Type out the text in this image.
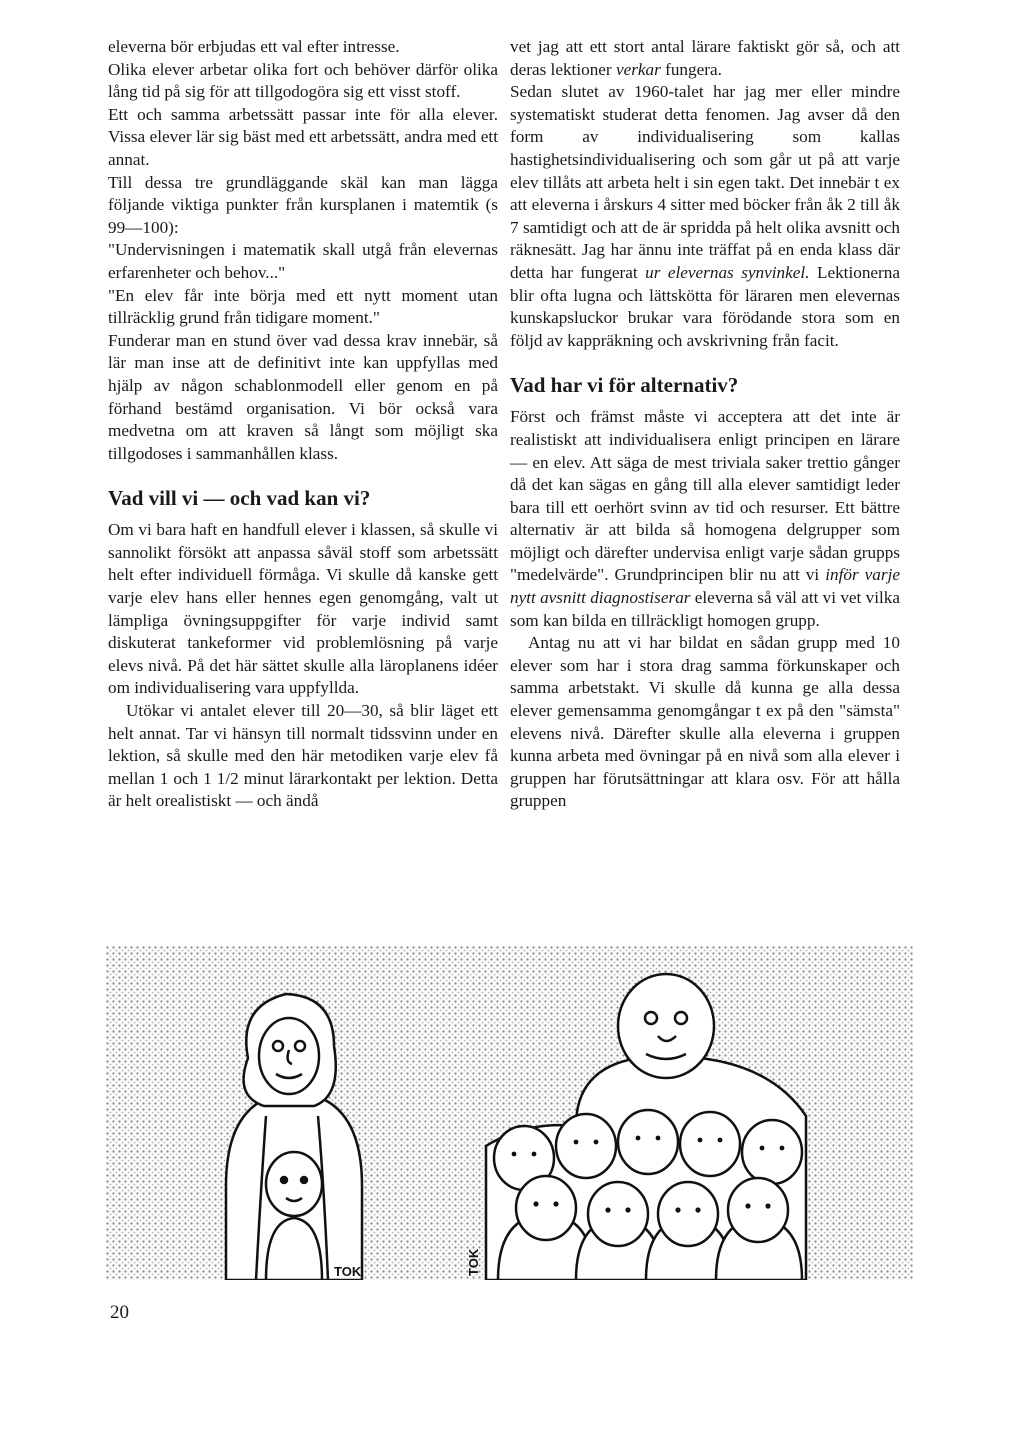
eleverna bör erbjudas ett val efter intresse.

Olika elever arbetar olika fort och behöver därför olika lång tid på sig för att tillgodogöra sig ett visst stoff.

Ett och samma arbetssätt passar inte för alla elever. Vissa elever lär sig bäst med ett arbetssätt, andra med ett annat.

Till dessa tre grundläggande skäl kan man lägga följande viktiga punkter från kursplanen i matemtik (s 99—100):

"Undervisningen i matematik skall utgå från elevernas erfarenheter och behov..."

"En elev får inte börja med ett nytt moment utan tillräcklig grund från tidigare moment."

Funderar man en stund över vad dessa krav innebär, så lär man inse att de definitivt inte kan uppfyllas med hjälp av någon schablonmodell eller genom en på förhand bestämd organisation. Vi bör också vara medvetna om att kraven så långt som möjligt ska tillgodoses i sammanhållen klass.

Vad vill vi — och vad kan vi?

Om vi bara haft en handfull elever i klassen, så skulle vi sannolikt försökt att anpassa såväl stoff som arbetssätt helt efter individuell förmåga. Vi skulle då kanske gett varje elev hans eller hennes egen genomgång, valt ut lämpliga övningsuppgifter för varje individ samt diskuterat tankeformer vid problemlösning på varje elevs nivå. På det här sättet skulle alla läroplanens idéer om individualisering vara uppfyllda.

Utökar vi antalet elever till 20—30, så blir läget ett helt annat. Tar vi hänsyn till normalt tidssvinn under en lektion, så skulle med den här metodiken varje elev få mellan 1 och 1 1/2 minut lärarkontakt per lektion. Detta är helt orealistiskt — och ändå

vet jag att ett stort antal lärare faktiskt gör så, och att deras lektioner verkar fungera.

Sedan slutet av 1960-talet har jag mer eller mindre systematiskt studerat detta fenomen. Jag avser då den form av individualisering som kallas hastighetsindividualisering och som går ut på att varje elev tillåts att arbeta helt i sin egen takt. Det innebär t ex att eleverna i årskurs 4 sitter med böcker från åk 2 till åk 7 samtidigt och att de är spridda på helt olika avsnitt och räknesätt. Jag har ännu inte träffat på en enda klass där detta har fungerat ur elevernas synvinkel. Lektionerna blir ofta lugna och lättskötta för läraren men elevernas kunskapsluckor brukar vara förödande stora som en följd av kappräkning och avskrivning från facit.

Vad har vi för alternativ?

Först och främst måste vi acceptera att det inte är realistiskt att individualisera enligt principen en lärare — en elev. Att säga de mest triviala saker trettio gånger då det kan sägas en gång till alla elever samtidigt leder bara till ett oerhört svinn av tid och resurser. Ett bättre alternativ är att bilda så homogena delgrupper som möjligt och därefter undervisa enligt varje sådan grupps "medelvärde". Grundprincipen blir nu att vi inför varje nytt avsnitt diagnostiserar eleverna så väl att vi vet vilka som kan bilda en tillräckligt homogen grupp.

Antag nu att vi har bildat en sådan grupp med 10 elever som har i stora drag samma förkunskaper och samma arbetstakt. Vi skulle då kunna ge alla dessa elever gemensamma genomgångar t ex på den "sämsta" elevens nivå. Därefter skulle alla eleverna i gruppen kunna arbeta med övningar på en nivå som alla elever i gruppen har förutsättningar att klara osv. För att hålla gruppen

TOK	TOK
20
